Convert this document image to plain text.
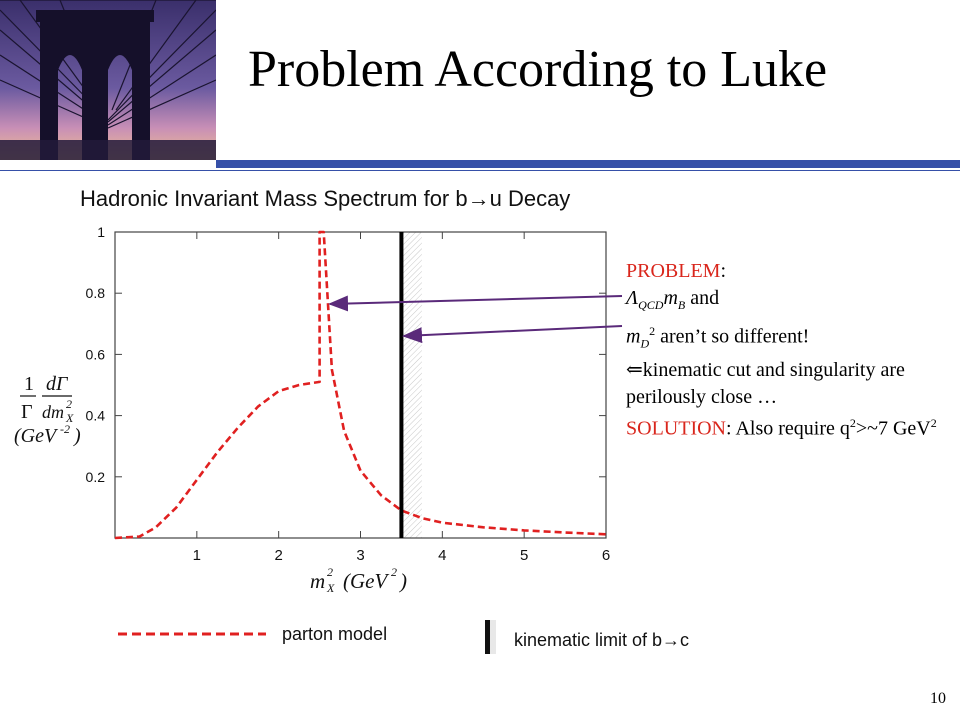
Problem According to Luke
Hadronic Invariant Mass Spectrum for b→u Decay
1	2	3	4	5	6
0.2
0.4
0.6
0.8
1
1
Γ
dΓ
dm X
2
(GeV -2 )
m X
2 (GeV 2 )
parton model	kinematic limit of b→c
PROBLEM:
$\Lambda_{QCD}m_B$ and
$m_D^2$ aren’t so different!
⇐kinematic cut and singularity are perilously close …
SOLUTION: Also require $q^2>\sim 7$ GeV$^2$
10
